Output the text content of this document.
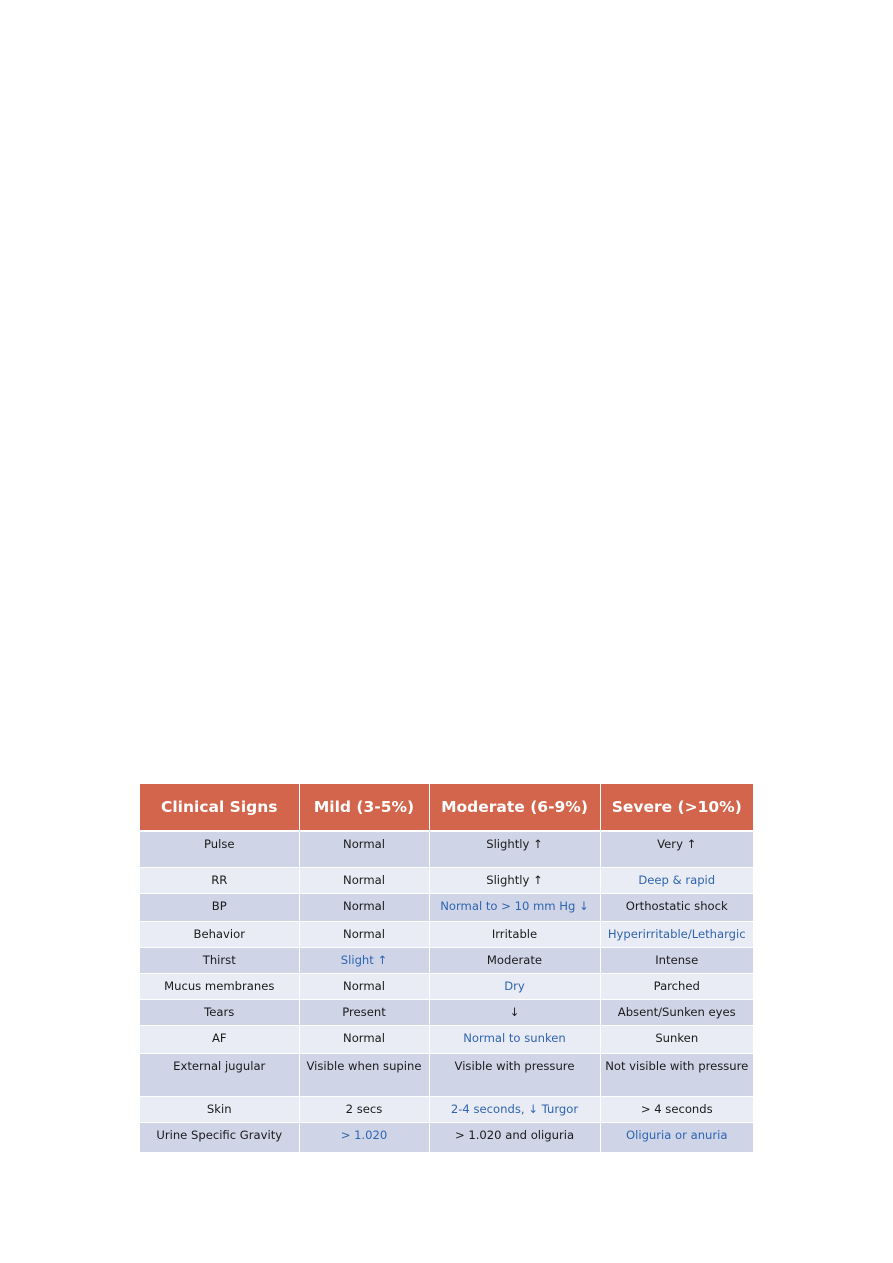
Clinical Signs	Mild (3-5%)	Moderate (6-9%)	Severe (>10%)
Pulse	Normal	Slightly ↑	Very ↑
RR	Normal	Slightly ↑	Deep & rapid
BP	Normal	Normal to > 10 mm Hg ↓	Orthostatic shock
Behavior	Normal	Irritable	Hyperirritable/Lethargic
Thirst	Slight ↑	Moderate	Intense
Mucus membranes	Normal	Dry	Parched
Tears	Present	↓	Absent/Sunken eyes
AF	Normal	Normal to sunken	Sunken
External jugular	Visible when supine	Visible with pressure	Not visible with pressure
Skin	2 secs	2-4 seconds, ↓ Turgor	> 4 seconds
Urine Specific Gravity	> 1.020	> 1.020 and oliguria	Oliguria or anuria
